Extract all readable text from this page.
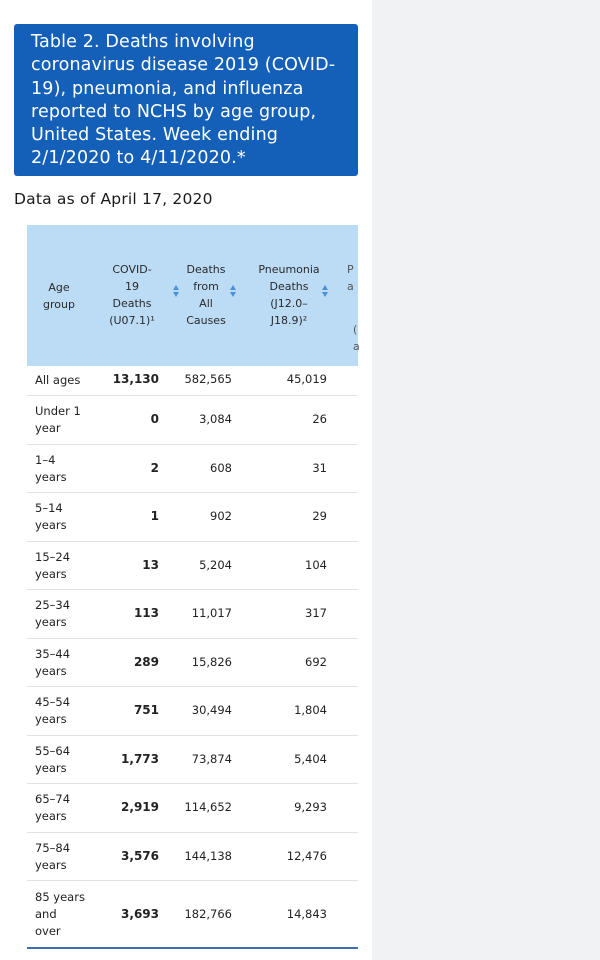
Table 2. Deaths involving
coronavirus disease 2019 (COVID-
19), pneumonia, and influenza
reported to NCHS by age group,
United States. Week ending
2/1/2020 to 4/11/2020.*
Data as of April 17, 2020
Age
group
COVID-
19
Deaths
(U07.1)¹
Deaths
from
All
Causes
Pneumonia
Deaths
(J12.0–
J18.9)²
P
a
(
a
All ages	13,130 582,565	45,019
Under 1
year
0	3,084	26
1–4
years
2	608	31
5–14
years
1	902	29
15–24
years
13	5,204	104
25–34
years
113	11,017	317
35–44
years
289	15,826	692
45–54
years
751	30,494	1,804
55–64
years
1,773	73,874	5,404
65–74
years
2,919 114,652	9,293
75–84
years
3,576 144,138	12,476
85 years
and
over
3,693 182,766	14,843
